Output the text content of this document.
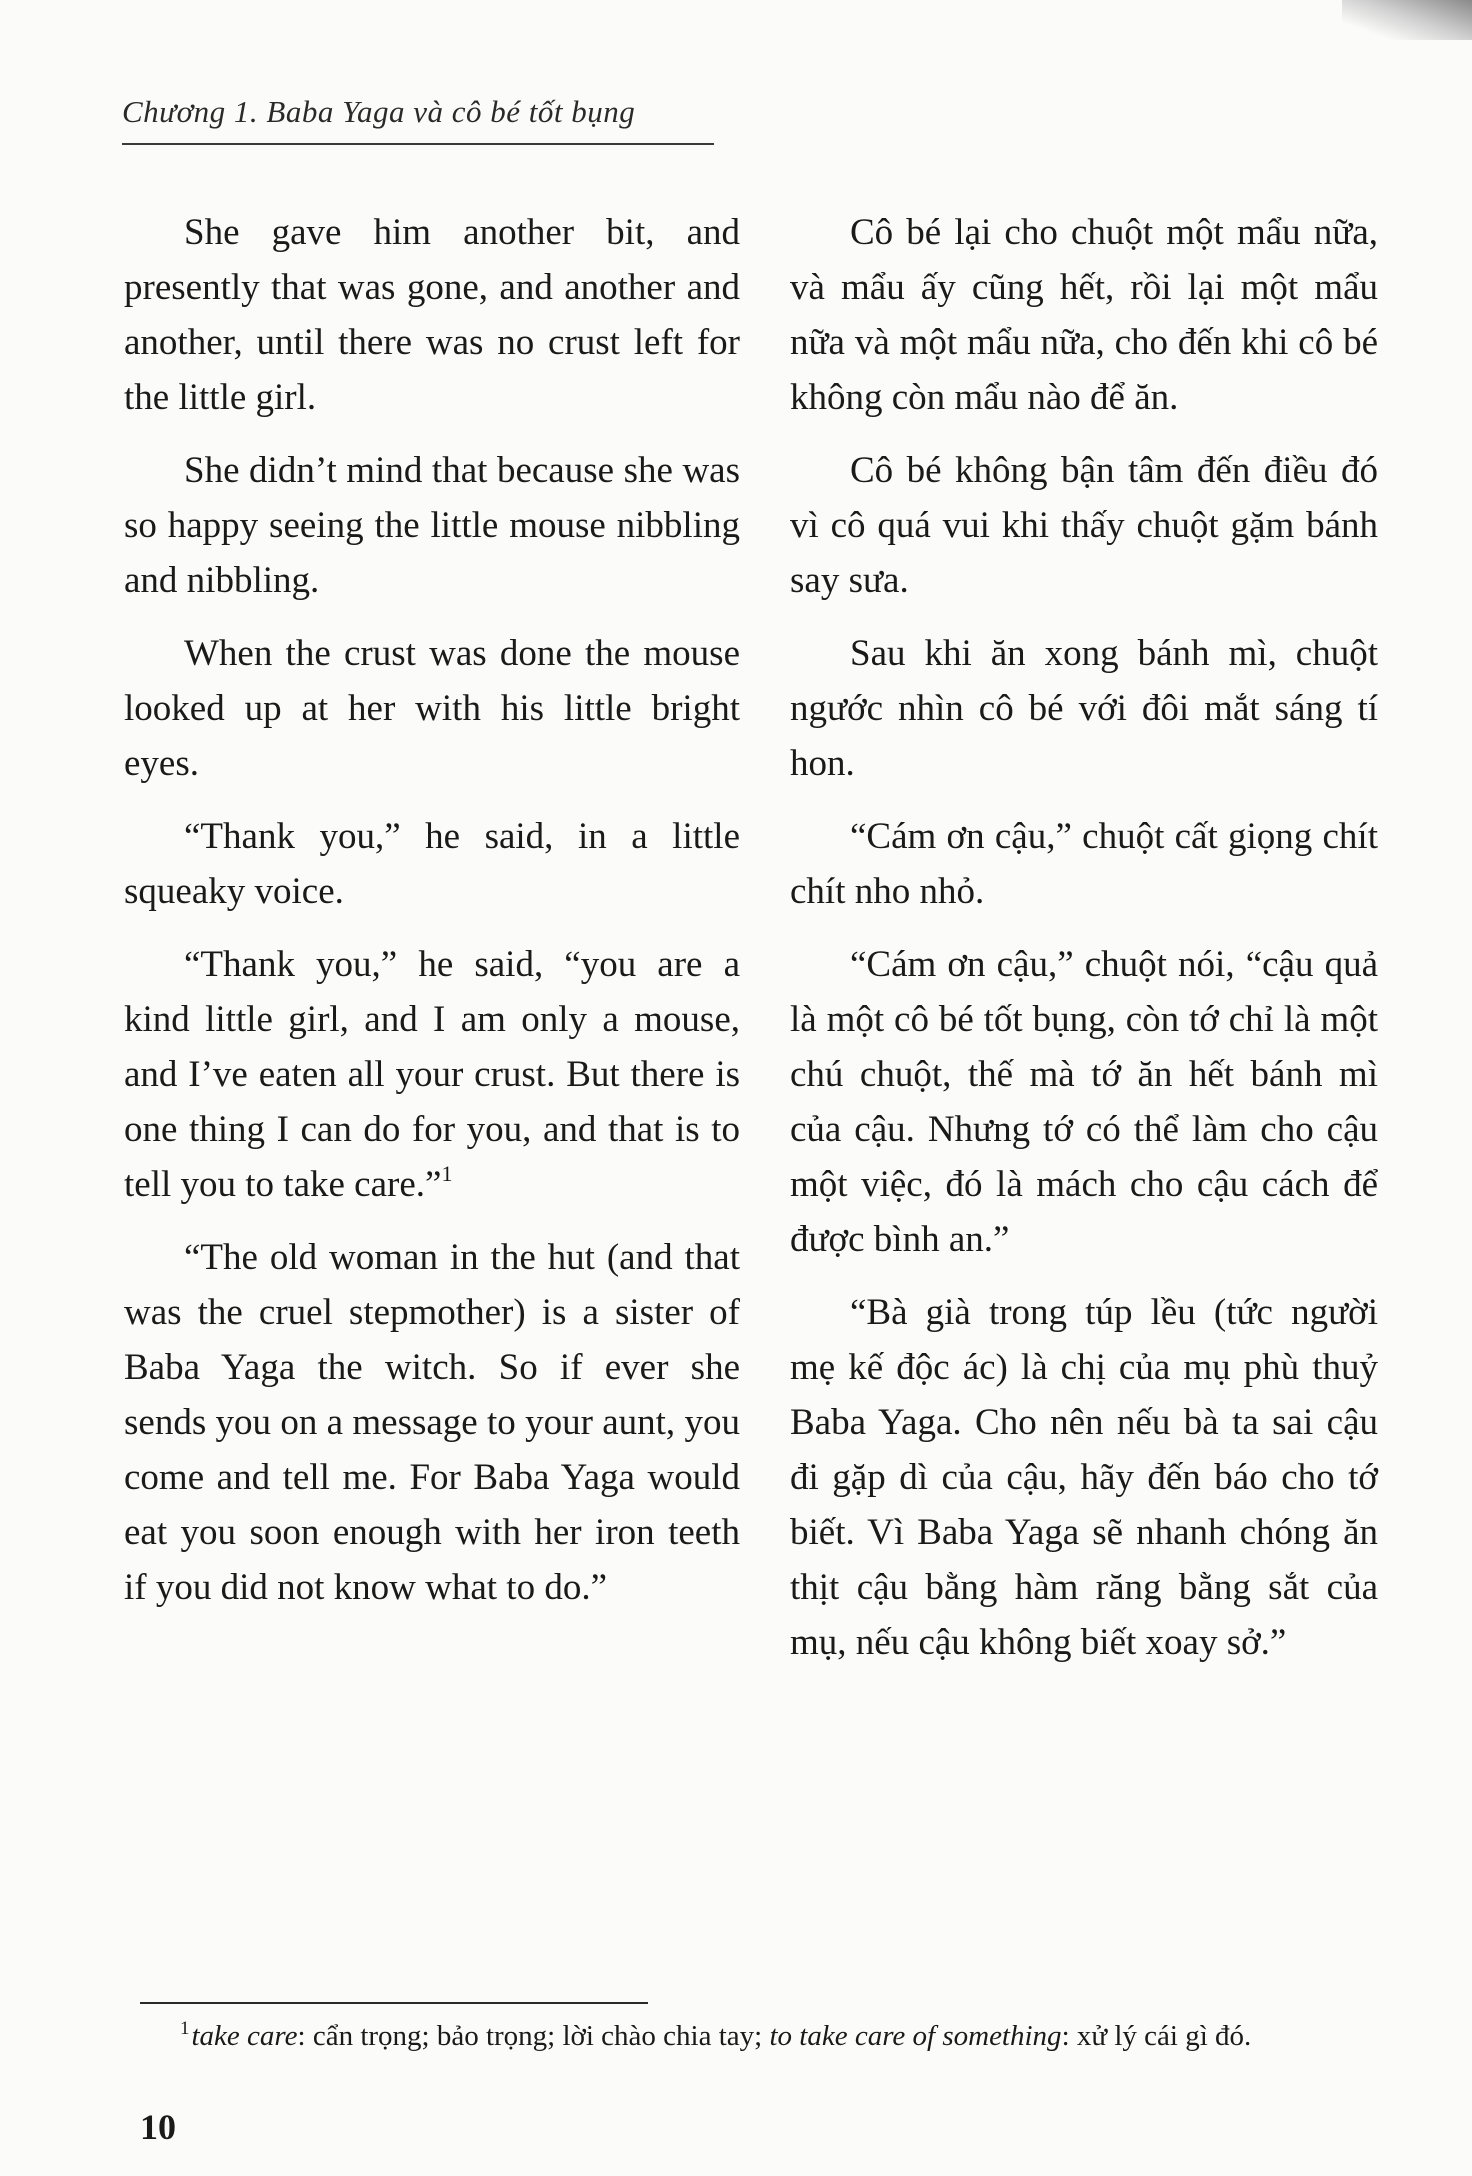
Chương 1. Baba Yaga và cô bé tốt bụng

She gave him another bit, and presently that was gone, and another and another, until there was no crust left for the little girl.

She didn’t mind that because she was so happy seeing the little mouse nibbling and nibbling.

When the crust was done the mouse looked up at her with his little bright eyes.

“Thank you,” he said, in a little squeaky voice.

“Thank you,” he said, “you are a kind little girl, and I am only a mouse, and I’ve eaten all your crust. But there is one thing I can do for you, and that is to tell you to take care.”$^1$

“The old woman in the hut (and that was the cruel stepmother) is a sister of Baba Yaga the witch. So if ever she sends you on a message to your aunt, you come and tell me. For Baba Yaga would eat you soon enough with her iron teeth if you did not know what to do.”

Cô bé lại cho chuột một mẩu nữa, và mẩu ấy cũng hết, rồi lại một mẩu nữa và một mẩu nữa, cho đến khi cô bé không còn mẩu nào để ăn.

Cô bé không bận tâm đến điều đó vì cô quá vui khi thấy chuột gặm bánh say sưa.

Sau khi ăn xong bánh mì, chuột ngước nhìn cô bé với đôi mắt sáng tí hon.

“Cám ơn cậu,” chuột cất giọng chít chít nho nhỏ.

“Cám ơn cậu,” chuột nói, “cậu quả là một cô bé tốt bụng, còn tớ chỉ là một chú chuột, thế mà tớ ăn hết bánh mì của cậu. Nhưng tớ có thể làm cho cậu một việc, đó là mách cho cậu cách để được bình an.”

“Bà già trong túp lều (tức người mẹ kế độc ác) là chị của mụ phù thuỷ Baba Yaga. Cho nên nếu bà ta sai cậu đi gặp dì của cậu, hãy đến báo cho tớ biết. Vì Baba Yaga sẽ nhanh chóng ăn thịt cậu bằng hàm răng bằng sắt của mụ, nếu cậu không biết xoay sở.”

$^1$take care: cẩn trọng; bảo trọng; lời chào chia tay; to take care of something: xử lý cái gì đó.
10
